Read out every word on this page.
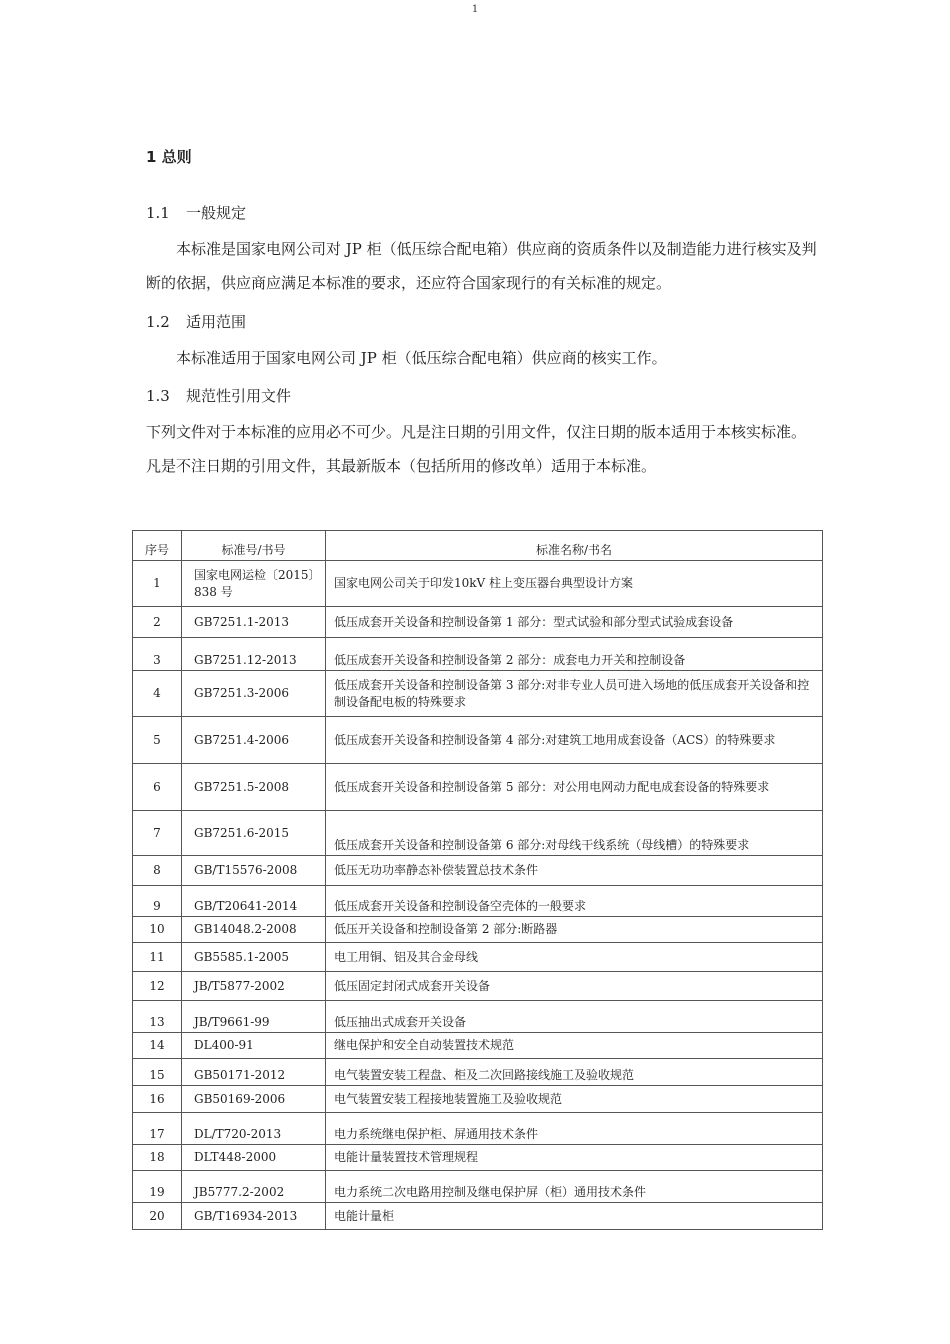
1
1 总则
1.1 一般规定
本标准是国家电网公司对 JP 柜（低压综合配电箱）供应商的资质条件以及制造能力进行核实及判断的依据，供应商应满足本标准的要求，还应符合国家现行的有关标准的规定。
1.2 适用范围
本标准适用于国家电网公司 JP 柜（低压综合配电箱）供应商的核实工作。
1.3 规范性引用文件
下列文件对于本标准的应用必不可少。凡是注日期的引用文件，仅注日期的版本适用于本核实标准。凡是不注日期的引用文件，其最新版本（包括所用的修改单）适用于本标准。
序号	标准号/书号	标准名称/书名
1	国家电网运检〔2015〕838 号	国家电网公司关于印发10kV 柱上变压器台典型设计方案
2	GB7251.1-2013	低压成套开关设备和控制设备第 1 部分：型式试验和部分型式试验成套设备
3	GB7251.12-2013	低压成套开关设备和控制设备第 2 部分：成套电力开关和控制设备
4	GB7251.3-2006	低压成套开关设备和控制设备第 3 部分:对非专业人员可进入场地的低压成套开关设备和控制设备配电板的特殊要求
5	GB7251.4-2006	低压成套开关设备和控制设备第 4 部分:对建筑工地用成套设备（ACS）的特殊要求
6	GB7251.5-2008	低压成套开关设备和控制设备第 5 部分：对公用电网动力配电成套设备的特殊要求
7	GB7251.6-2015	低压成套开关设备和控制设备第 6 部分:对母线干线系统（母线槽）的特殊要求
8	GB/T15576-2008	低压无功功率静态补偿装置总技术条件
9	GB/T20641-2014	低压成套开关设备和控制设备空壳体的一般要求
10	GB14048.2-2008	低压开关设备和控制设备第 2 部分:断路器
11	GB5585.1-2005	电工用铜、铝及其合金母线
12	JB/T5877-2002	低压固定封闭式成套开关设备
13	JB/T9661-99	低压抽出式成套开关设备
14	DL400-91	继电保护和安全自动装置技术规范
15	GB50171-2012	电气装置安装工程盘、柜及二次回路接线施工及验收规范
16	GB50169-2006	电气装置安装工程接地装置施工及验收规范
17	DL/T720-2013	电力系统继电保护柜、屏通用技术条件
18	DLT448-2000	电能计量装置技术管理规程
19	JB5777.2-2002	电力系统二次电路用控制及继电保护屏（柜）通用技术条件
20	GB/T16934-2013	电能计量柜
